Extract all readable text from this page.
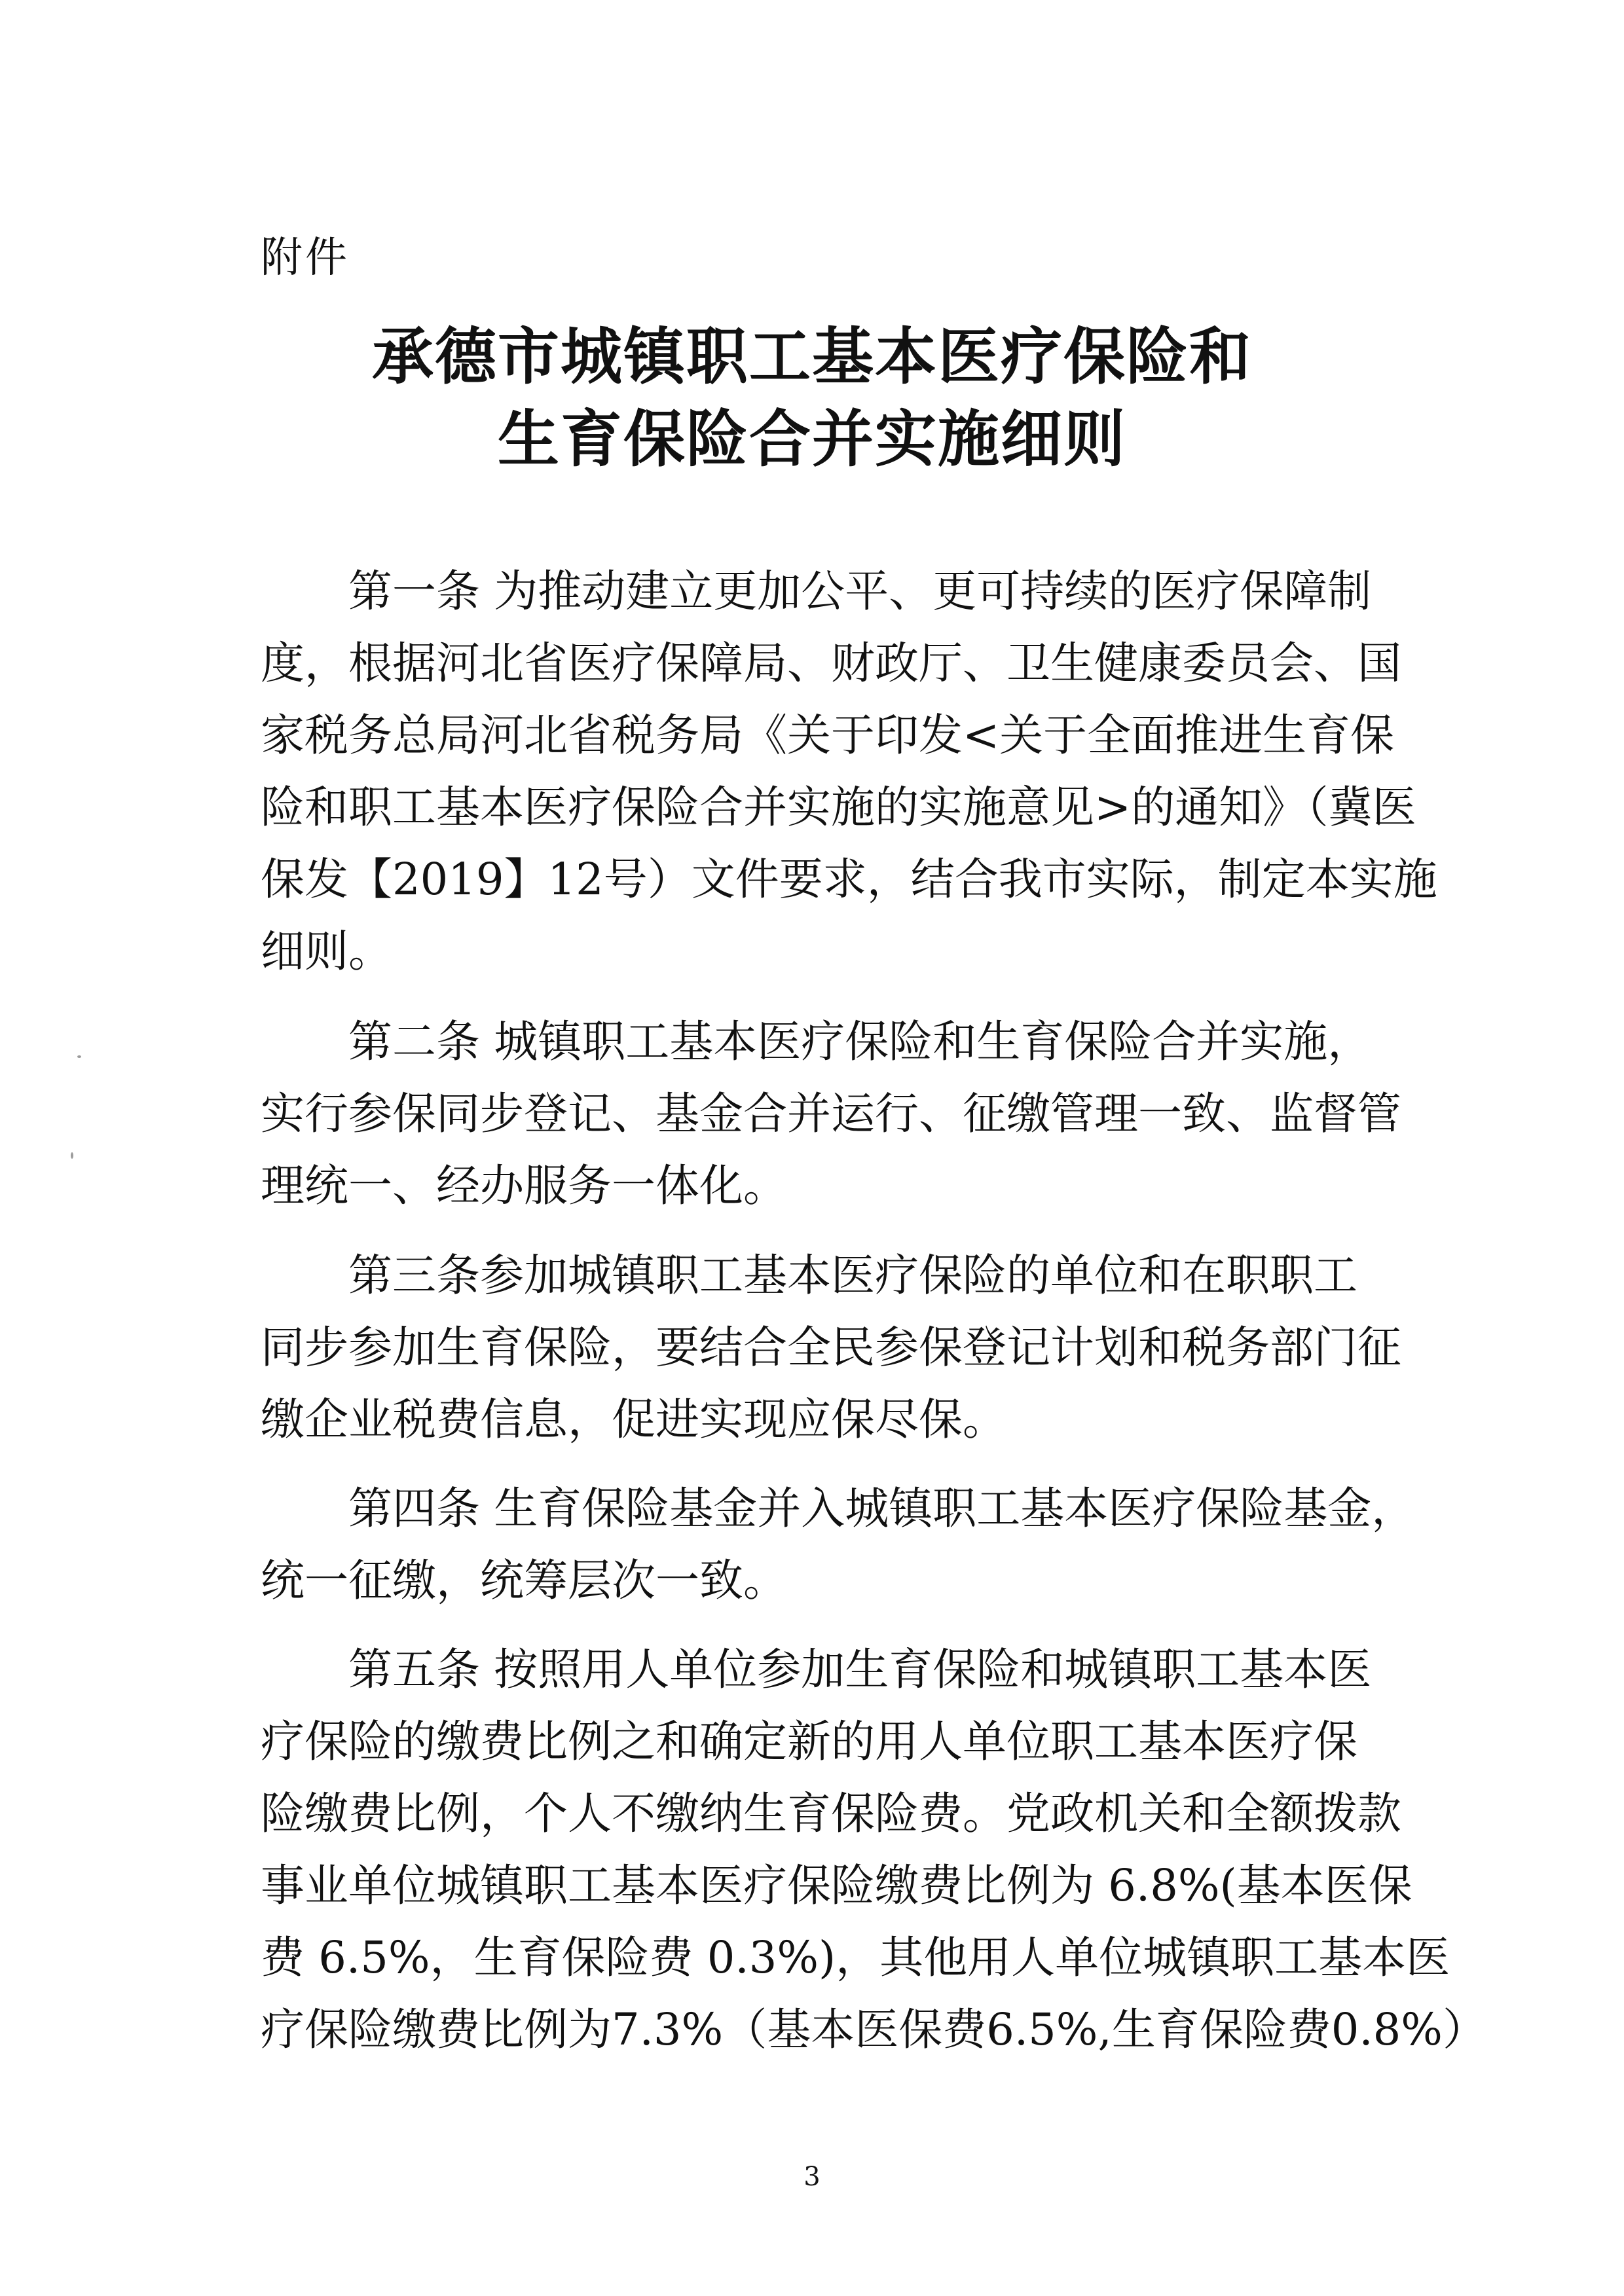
附件
承德市城镇职工基本医疗保险和
生育保险合并实施细则
第一条 为推动建立更加公平、更可持续的医疗保障制
度，根据河北省医疗保障局、财政厅、卫生健康委员会、国
家税务总局河北省税务局《关于印发<关于全面推进生育保
险和职工基本医疗保险合并实施的实施意见>的通知》（冀医
保发【2019】12号）文件要求，结合我市实际，制定本实施
细则。
第二条 城镇职工基本医疗保险和生育保险合并实施，
实行参保同步登记、基金合并运行、征缴管理一致、监督管
理统一、经办服务一体化。
第三条参加城镇职工基本医疗保险的单位和在职职工
同步参加生育保险，要结合全民参保登记计划和税务部门征
缴企业税费信息，促进实现应保尽保。
第四条 生育保险基金并入城镇职工基本医疗保险基金，
统一征缴，统筹层次一致。
第五条 按照用人单位参加生育保险和城镇职工基本医
疗保险的缴费比例之和确定新的用人单位职工基本医疗保
险缴费比例，个人不缴纳生育保险费。党政机关和全额拨款
事业单位城镇职工基本医疗保险缴费比例为 6.8%(基本医保
费 6.5%，生育保险费 0.3%)，其他用人单位城镇职工基本医
疗保险缴费比例为7.3%（基本医保费6.5%,生育保险费0.8%）
3
